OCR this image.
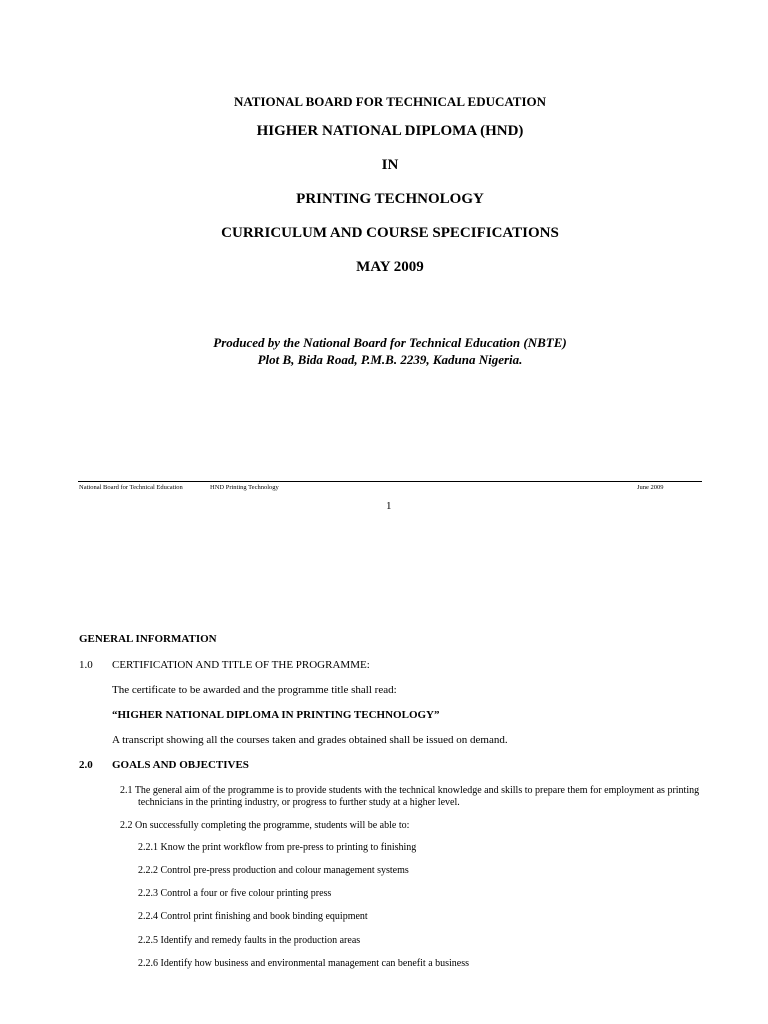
NATIONAL BOARD FOR TECHNICAL EDUCATION
HIGHER NATIONAL DIPLOMA (HND)
IN
PRINTING TECHNOLOGY
CURRICULUM AND COURSE SPECIFICATIONS
MAY 2009
Produced by the National Board for Technical Education (NBTE)
Plot B, Bida Road, P.M.B. 2239, Kaduna Nigeria.
National Board for Technical Education	HND Printing Technology	June 2009
1
GENERAL INFORMATION
1.0 CERTIFICATION AND TITLE OF THE PROGRAMME:
The certificate to be awarded and the programme title shall read:
“HIGHER NATIONAL DIPLOMA IN PRINTING TECHNOLOGY”
A transcript showing all the courses taken and grades obtained shall be issued on demand.
2.0 GOALS AND OBJECTIVES
2.1 The general aim of the programme is to provide students with the technical knowledge and skills to prepare them for employment as printing
technicians in the printing industry, or progress to further study at a higher level.
2.2 On successfully completing the programme, students will be able to:
2.2.1 Know the print workflow from pre-press to printing to finishing
2.2.2 Control pre-press production and colour management systems
2.2.3 Control a four or five colour printing press
2.2.4 Control print finishing and book binding equipment
2.2.5 Identify and remedy faults in the production areas
2.2.6 Identify how business and environmental management can benefit a business
